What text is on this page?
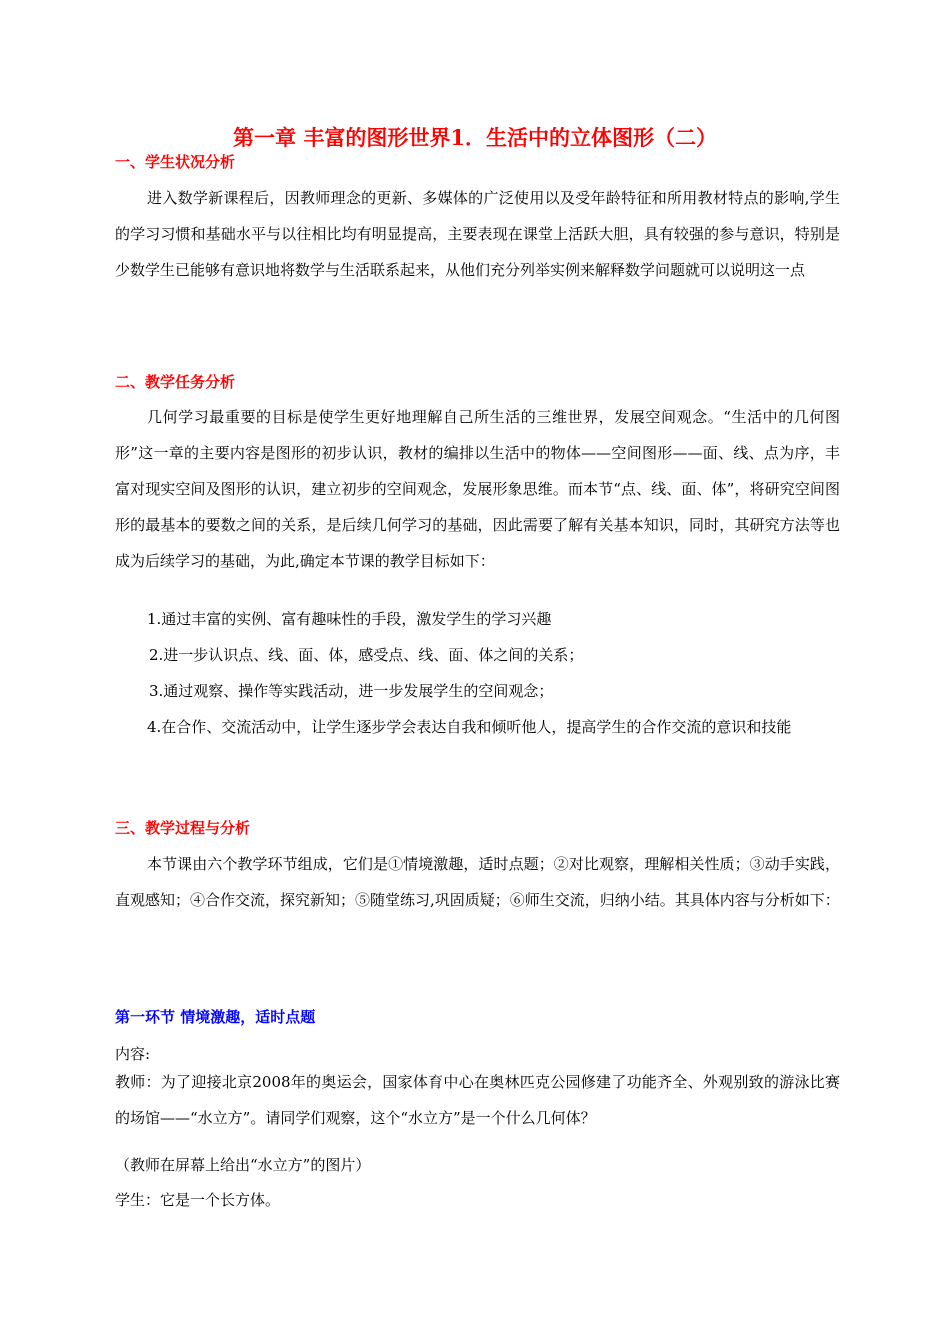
第一章 丰富的图形世界1．生活中的立体图形（二）
一、学生状况分析

进入数学新课程后，因教师理念的更新、多媒体的广泛使用以及受年龄特征和所用教材特点的影响,学生的学习习惯和基础水平与以往相比均有明显提高，主要表现在课堂上活跃大胆，具有较强的参与意识，特别是少数学生已能够有意识地将数学与生活联系起来，从他们充分列举实例来解释数学问题就可以说明这一点

二、教学任务分析

几何学习最重要的目标是使学生更好地理解自己所生活的三维世界，发展空间观念。“生活中的几何图形”这一章的主要内容是图形的初步认识，教材的编排以生活中的物体——空间图形——面、线、点为序，丰富对现实空间及图形的认识，建立初步的空间观念，发展形象思维。而本节“点、线、面、体”，将研究空间图形的最基本的要数之间的关系，是后续几何学习的基础，因此需要了解有关基本知识，同时，其研究方法等也成为后续学习的基础，为此,确定本节课的教学目标如下：

1.通过丰富的实例、富有趣味性的手段，激发学生的学习兴趣

2.进一步认识点、线、面、体，感受点、线、面、体之间的关系；

3.通过观察、操作等实践活动，进一步发展学生的空间观念；

4.在合作、交流活动中，让学生逐步学会表达自我和倾听他人，提高学生的合作交流的意识和技能

三、教学过程与分析

本节课由六个教学环节组成，它们是①情境激趣，适时点题；②对比观察，理解相关性质；③动手实践，直观感知；④合作交流，探究新知；⑤随堂练习,巩固质疑；⑥师生交流，归纳小结。其具体内容与分析如下：

第一环节 情境激趣，适时点题

内容:

教师：为了迎接北京2008年的奥运会，国家体育中心在奥林匹克公园修建了功能齐全、外观别致的游泳比赛的场馆——“水立方”。请同学们观察，这个“水立方”是一个什么几何体？

（教师在屏幕上给出“水立方”的图片）

学生：它是一个长方体。
